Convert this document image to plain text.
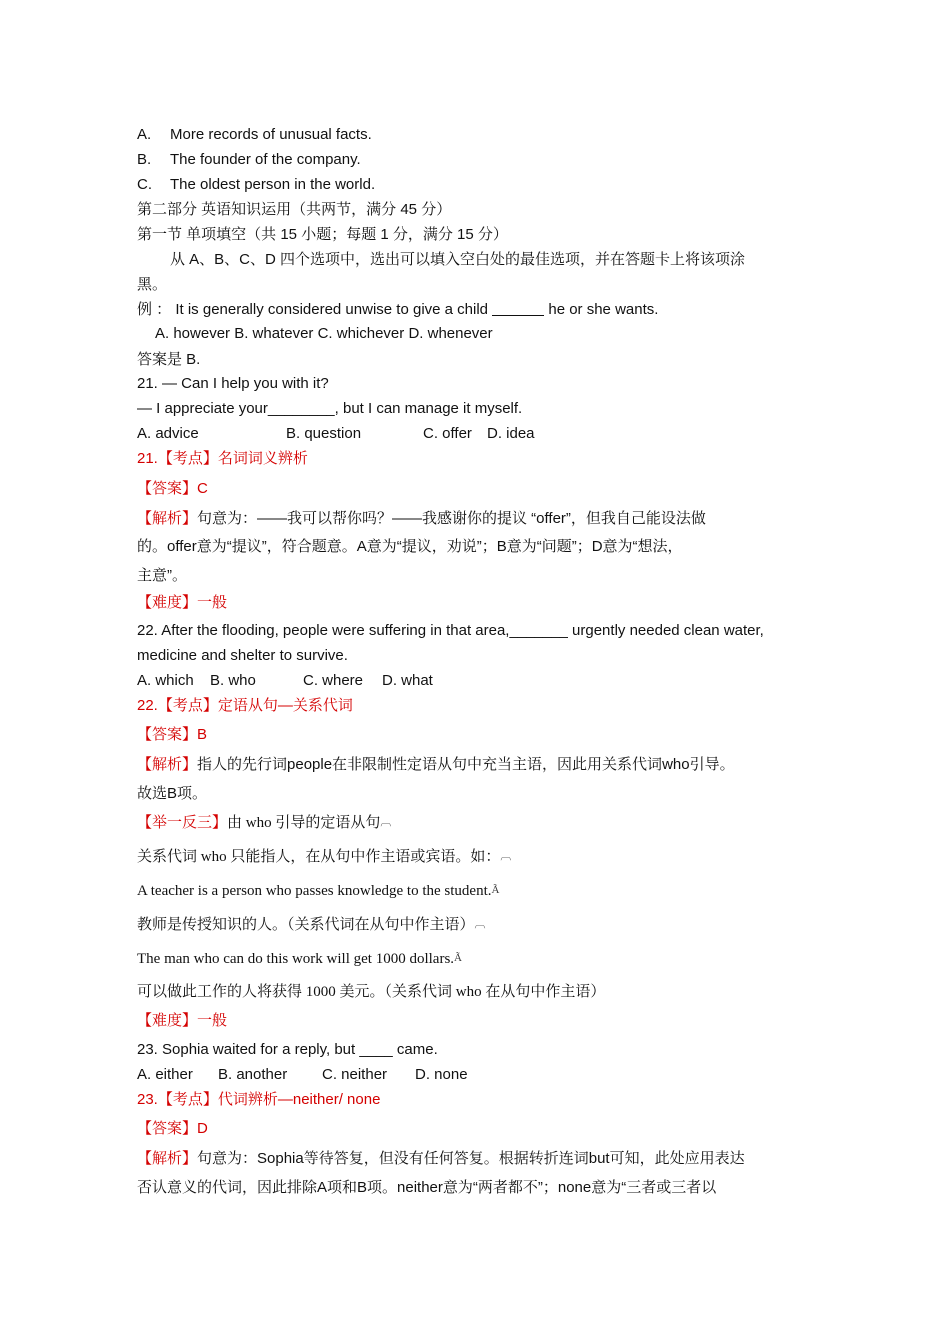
A. More records of unusual facts.
B. The founder of the company.
C. The oldest person in the world.
第二部分 英语知识运用（共两节，满分 45 分）
第一节 单项填空（共 15 小题；每题 1 分，满分 15 分）
从 A、B、C、D 四个选项中，选出可以填入空白处的最佳选项，并在答题卡上将该项涂
黑。
例 ： It is generally considered unwise to give a child	he or she wants.
A. however B. whatever C. whichever D. whenever
答案是 B.
21. — Can I help you with it?
— I appreciate your________, but I can manage it myself.
A. advice	B. question	C. offer D. idea
21.【考点】名词词义辨析
【答案】C
【解析】句意为：——我可以帮你吗？——我感谢你的提议 “offer”，但我自己能设法做
的。offer意为“提议”，符合题意。A意为“提议，劝说”；B意为“问题”；D意为“想法，
主意”。
【难度】一般
22. After the flooding, people were suffering in that area,_______ urgently needed clean water,
medicine and shelter to survive.
A. which B. who	C. where D. what
22.【考点】定语从句—关系代词
【答案】B
【解析】指人的先行词people在非限制性定语从句中充当主语，因此用关系代词who引导。
故选B项。
【举一反三】由 who 引导的定语从句︹
关系代词 who 只能指人，在从句中作主语或宾语。如：︹
A teacher is a person who passes knowledge to the student.Ã
教师是传授知识的人。（关系代词在从句中作主语）︹
The man who can do this work will get 1000 dollars.Ã
可以做此工作的人将获得 1000 美元。（关系代词 who 在从句中作主语）
【难度】一般
23. Sophia waited for a reply, but ____ came.
A. either B. another C. neither D. none
23.【考点】代词辨析—neither/ none
【答案】D
【解析】句意为：Sophia等待答复，但没有任何答复。根据转折连词but可知，此处应用表达
否认意义的代词，因此排除A项和B项。neither意为“两者都不”；none意为“三者或三者以
